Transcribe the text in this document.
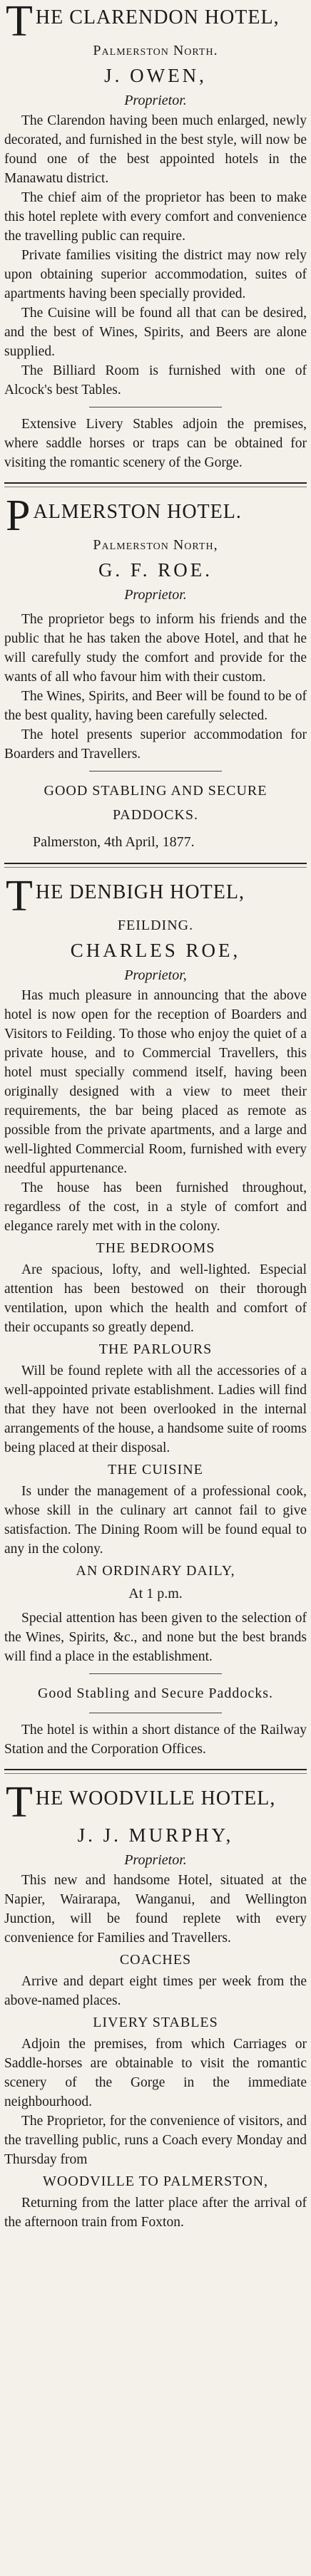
T HE CLARENDON HOTEL,
Palmerston North.
J. OWEN,
Proprietor.

The Clarendon having been much enlarged, newly decorated, and furnished in the best style, will now be found one of the best appointed hotels in the Manawatu district.

The chief aim of the proprietor has been to make this hotel replete with every comfort and convenience the travelling public can require.

Private families visiting the district may now rely upon obtaining superior accommodation, suites of apartments having been specially provided.

The Cuisine will be found all that can be desired, and the best of Wines, Spirits, and Beers are alone supplied.

The Billiard Room is furnished with one of Alcock's best Tables.

Extensive Livery Stables adjoin the premises, where saddle horses or traps can be obtained for visiting the romantic scenery of the Gorge.

P ALMERSTON HOTEL.
Palmerston North,
G. F. ROE.
Proprietor.

The proprietor begs to inform his friends and the public that he has taken the above Hotel, and that he will carefully study the comfort and provide for the wants of all who favour him with their custom.

The Wines, Spirits, and Beer will be found to be of the best quality, having been carefully selected.

The hotel presents superior accommodation for Boarders and Travellers.

GOOD STABLING AND SECURE PADDOCKS.
Palmerston, 4th April, 1877.
T HE DENBIGH HOTEL,
FEILDING.
CHARLES ROE,
Proprietor,

Has much pleasure in announcing that the above hotel is now open for the reception of Boarders and Visitors to Feilding. To those who enjoy the quiet of a private house, and to Commercial Travellers, this hotel must specially commend itself, having been originally designed with a view to meet their requirements, the bar being placed as remote as possible from the private apartments, and a large and well-lighted Commercial Room, furnished with every needful appurtenance.

The house has been furnished throughout, regardless of the cost, in a style of comfort and elegance rarely met with in the colony.

THE BEDROOMS

Are spacious, lofty, and well-lighted. Especial attention has been bestowed on their thorough ventilation, upon which the health and comfort of their occupants so greatly depend.

THE PARLOURS

Will be found replete with all the accessories of a well-appointed private establishment. Ladies will find that they have not been overlooked in the internal arrangements of the house, a handsome suite of rooms being placed at their disposal.

THE CUISINE

Is under the management of a professional cook, whose skill in the culinary art cannot fail to give satisfaction. The Dining Room will be found equal to any in the colony.

AN ORDINARY DAILY,
At 1 p.m.

Special attention has been given to the selection of the Wines, Spirits, &c., and none but the best brands will find a place in the establishment.

Good Stabling and Secure Paddocks.

The hotel is within a short distance of the Railway Station and the Corporation Offices.

T HE WOODVILLE HOTEL,
J. J. MURPHY,
Proprietor.

This new and handsome Hotel, situated at the Napier, Wairarapa, Wanganui, and Wellington Junction, will be found replete with every convenience for Families and Travellers.

COACHES

Arrive and depart eight times per week from the above-named places.

LIVERY STABLES

Adjoin the premises, from which Carriages or Saddle-horses are obtainable to visit the romantic scenery of the Gorge in the immediate neighbourhood.

The Proprietor, for the convenience of visitors, and the travelling public, runs a Coach every Monday and Thursday from

WOODVILLE TO PALMERSTON,

Returning from the latter place after the arrival of the afternoon train from Foxton.
